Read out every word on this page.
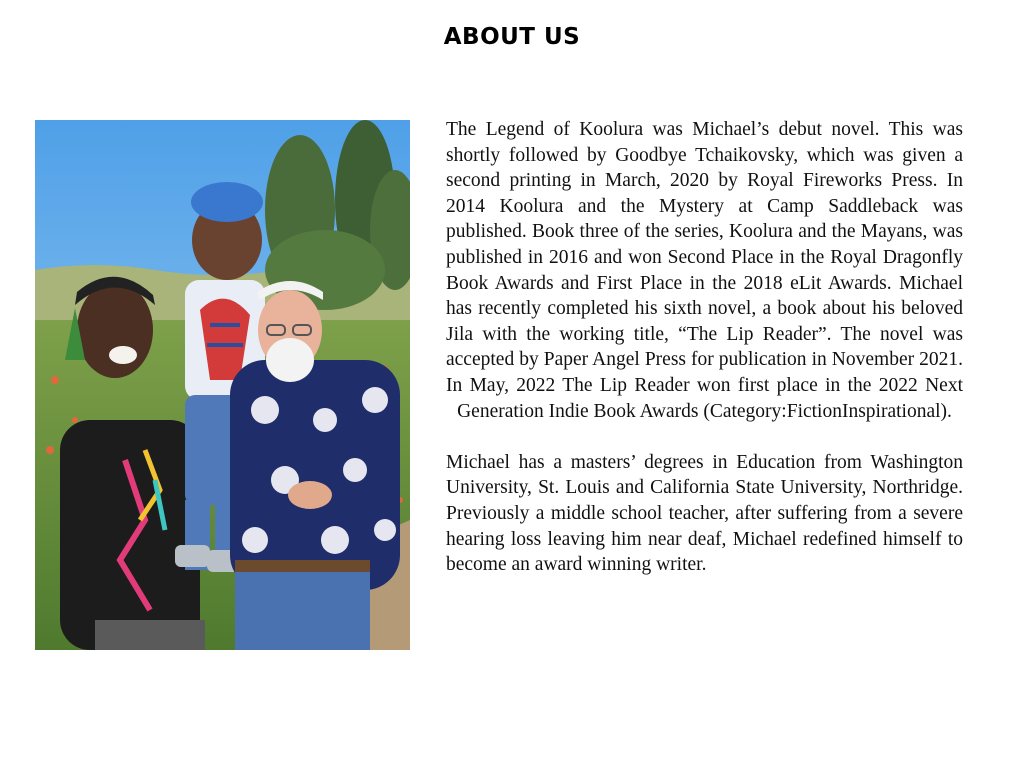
ABOUT US

The Legend of Koolura was Michael’s debut novel. This was shortly followed by Goodbye Tchaikovsky, which was given a second printing in March, 2020 by Royal Fireworks Press. In 2014 Koolura and the Mystery at Camp Saddleback was published. Book three of the series, Koolura and the Mayans, was published in 2016 and won Second Place in the Royal Dragonfly Book Awards and First Place in the 2018 eLit Awards. Michael has recently completed his sixth novel, a book about his beloved Jila with the working title, “The Lip Reader”. The novel was accepted by Paper Angel Press for publication in November 2021. In May, 2022 The Lip Reader won first place in the 2022 Next Generation Indie Book Awards (Category:FictionInspirational).

Michael has a masters’ degrees in Education from Washington University, St. Louis and California State University, Northridge. Previously a middle school teacher, after suffering from a severe hearing loss leaving him near deaf, Michael redefined himself to become an award winning writer.
